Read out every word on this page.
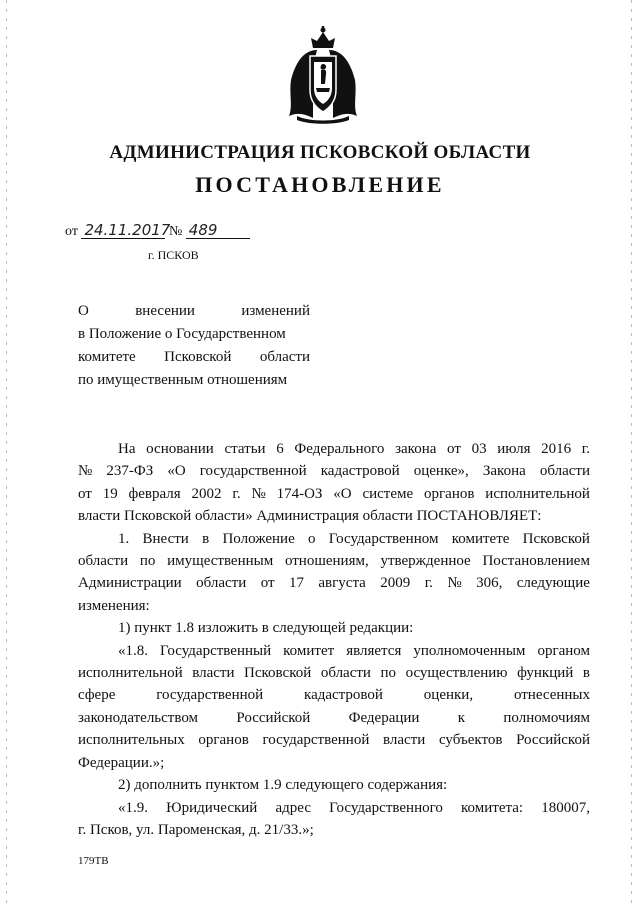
АДМИНИСТРАЦИЯ ПСКОВСКОЙ ОБЛАСТИ
ПОСТАНОВЛЕНИЕ
от 24.11.2017 № 489
г. ПСКОВ
О	внесении	изменений
в Положение о Государственном
комитете Псковской области
по имущественным отношениям
На основании статьи 6 Федерального закона от 03 июля 2016 г.
№ 237-ФЗ «О государственной кадастровой оценке», Закона области
от 19 февраля 2002 г. № 174-ОЗ «О системе органов исполнительной
власти Псковской области» Администрация области ПОСТАНОВЛЯЕТ:
1. Внести в Положение о Государственном комитете Псковской
области по имущественным отношениям, утвержденное Постановлением
Администрации области от 17 августа 2009 г. № 306, следующие
изменения:
1) пункт 1.8 изложить в следующей редакции:
«1.8. Государственный комитет является уполномоченным органом
исполнительной власти Псковской области по осуществлению функций в
сфере	государственной	кадастровой	оценки,	отнесенных
законодательством	Российской	Федерации	к	полномочиям
исполнительных органов государственной власти субъектов Российской
Федерации.»;
2) дополнить пунктом 1.9 следующего содержания:
«1.9. Юридический адрес Государственного комитета: 180007,
г. Псков, ул. Пароменская, д. 21/33.»;
179ТВ
